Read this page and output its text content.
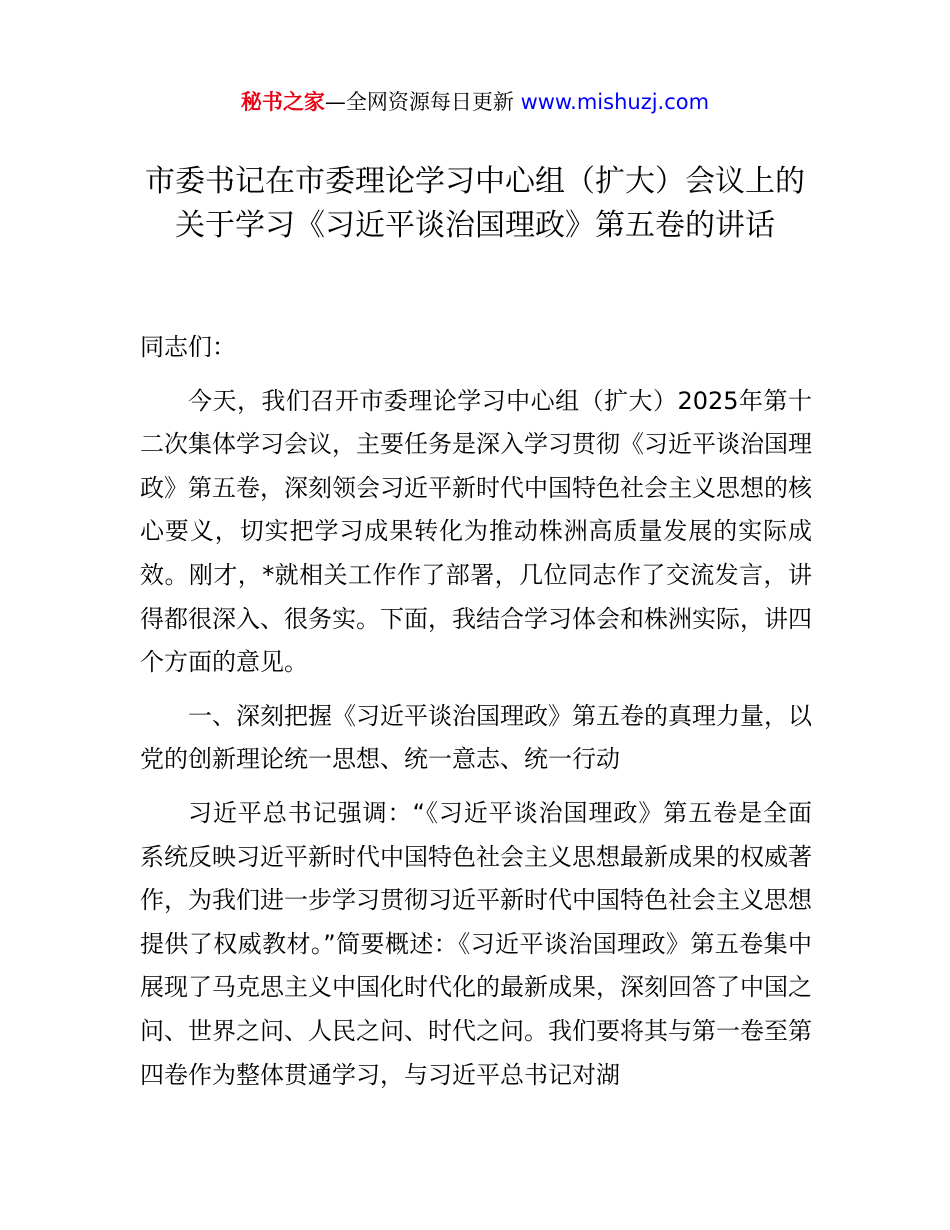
秘书之家—全网资源每日更新 www.mishuzj.com
市委书记在市委理论学习中心组（扩大）会议上的关于学习《习近平谈治国理政》第五卷的讲话

同志们：

今天，我们召开市委理论学习中心组（扩大）2025年第十二次集体学习会议，主要任务是深入学习贯彻《习近平谈治国理政》第五卷，深刻领会习近平新时代中国特色社会主义思想的核心要义，切实把学习成果转化为推动株洲高质量发展的实际成效。刚才，*就相关工作作了部署，几位同志作了交流发言，讲得都很深入、很务实。下面，我结合学习体会和株洲实际，讲四个方面的意见。

一、深刻把握《习近平谈治国理政》第五卷的真理力量，以党的创新理论统一思想、统一意志、统一行动

习近平总书记强调：“《习近平谈治国理政》第五卷是全面系统反映习近平新时代中国特色社会主义思想最新成果的权威著作，为我们进一步学习贯彻习近平新时代中国特色社会主义思想提供了权威教材。”简要概述：《习近平谈治国理政》第五卷集中展现了马克思主义中国化时代化的最新成果，深刻回答了中国之问、世界之问、人民之问、时代之问。我们要将其与第一卷至第四卷作为整体贯通学习，与习近平总书记对湖
